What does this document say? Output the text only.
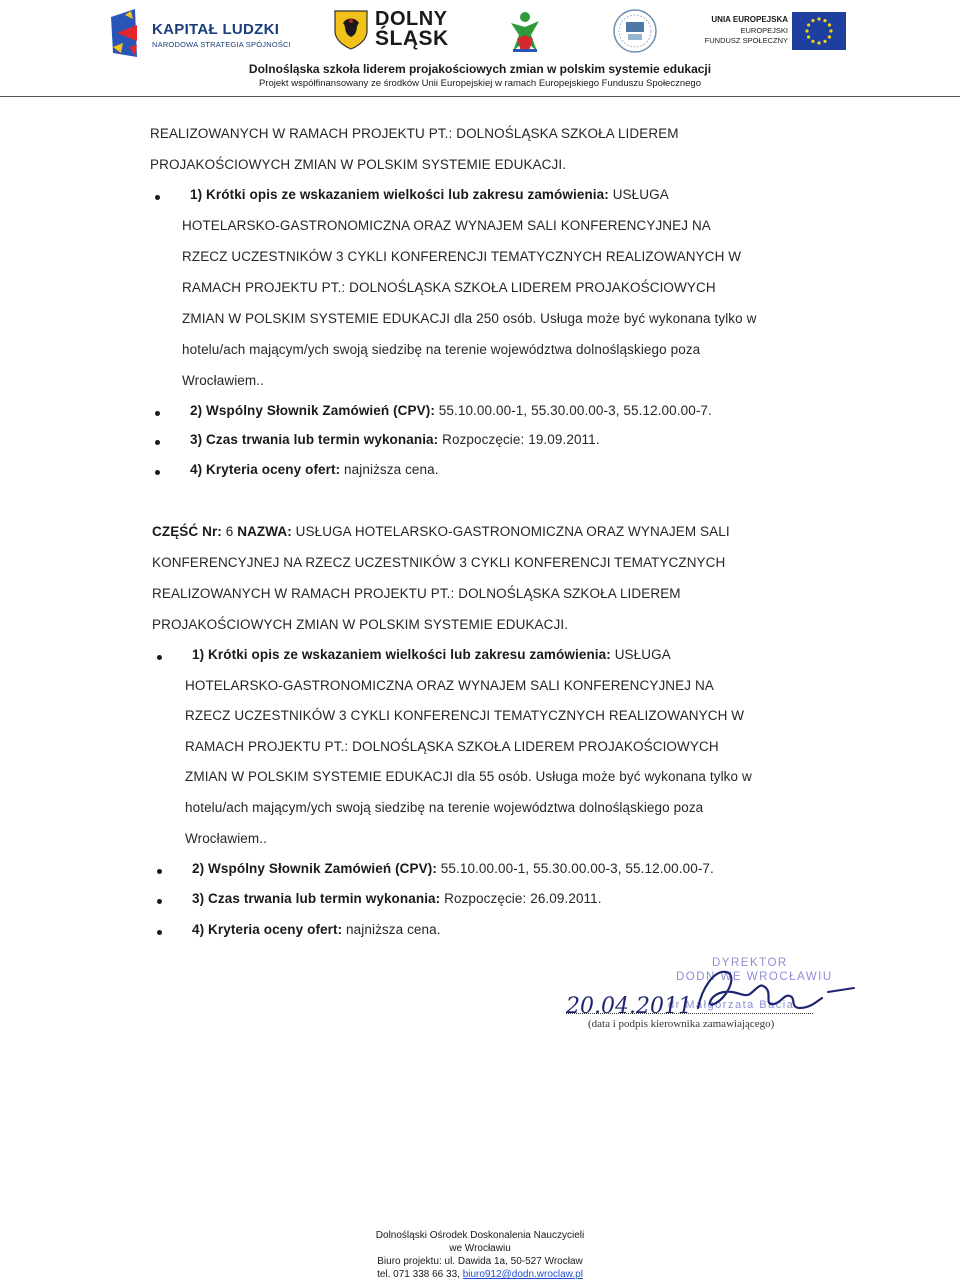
KAPITAŁ LUDZKI
NARODOWA STRATEGIA SPÓJNOŚCI
DOLNY
ŚLĄSK
UNIA EUROPEJSKA
EUROPEJSKI
FUNDUSZ SPOŁECZNY
Dolnośląska szkoła liderem projakościowych zmian w polskim systemie edukacji
Projekt współfinansowany ze środków Unii Europejskiej w ramach Europejskiego Funduszu Społecznego
REALIZOWANYCH W RAMACH PROJEKTU PT.: DOLNOŚLĄSKA SZKOŁA LIDEREM
PROJAKOŚCIOWYCH ZMIAN W POLSKIM SYSTEMIE EDUKACJI.
1) Krótki opis ze wskazaniem wielkości lub zakresu zamówienia: USŁUGA
HOTELARSKO-GASTRONOMICZNA ORAZ WYNAJEM SALI KONFERENCYJNEJ NA
RZECZ UCZESTNIKÓW 3 CYKLI KONFERENCJI TEMATYCZNYCH REALIZOWANYCH W
RAMACH PROJEKTU PT.: DOLNOŚLĄSKA SZKOŁA LIDEREM PROJAKOŚCIOWYCH
ZMIAN W POLSKIM SYSTEMIE EDUKACJI dla 250 osób. Usługa może być wykonana tylko w
hotelu/ach mającym/ych swoją siedzibę na terenie województwa dolnośląskiego poza
Wrocławiem..
2) Wspólny Słownik Zamówień (CPV): 55.10.00.00-1, 55.30.00.00-3, 55.12.00.00-7.
3) Czas trwania lub termin wykonania: Rozpoczęcie: 19.09.2011.
4) Kryteria oceny ofert: najniższa cena.
CZĘŚĆ Nr: 6 NAZWA: USŁUGA HOTELARSKO-GASTRONOMICZNA ORAZ WYNAJEM SALI
KONFERENCYJNEJ NA RZECZ UCZESTNIKÓW 3 CYKLI KONFERENCJI TEMATYCZNYCH
REALIZOWANYCH W RAMACH PROJEKTU PT.: DOLNOŚLĄSKA SZKOŁA LIDEREM
PROJAKOŚCIOWYCH ZMIAN W POLSKIM SYSTEMIE EDUKACJI.
1) Krótki opis ze wskazaniem wielkości lub zakresu zamówienia: USŁUGA
HOTELARSKO-GASTRONOMICZNA ORAZ WYNAJEM SALI KONFERENCYJNEJ NA
RZECZ UCZESTNIKÓW 3 CYKLI KONFERENCJI TEMATYCZNYCH REALIZOWANYCH W
RAMACH PROJEKTU PT.: DOLNOŚLĄSKA SZKOŁA LIDEREM PROJAKOŚCIOWYCH
ZMIAN W POLSKIM SYSTEMIE EDUKACJI dla 55 osób. Usługa może być wykonana tylko w
hotelu/ach mającym/ych swoją siedzibę na terenie województwa dolnośląskiego poza
Wrocławiem..
2) Wspólny Słownik Zamówień (CPV): 55.10.00.00-1, 55.30.00.00-3, 55.12.00.00-7.
3) Czas trwania lub termin wykonania: Rozpoczęcie: 26.09.2011.
4) Kryteria oceny ofert: najniższa cena.
DYREKTOR
DODN WE WROCŁAWIU
dr Małgorzata Bacia
20.04.2011
(data i podpis kierownika zamawiającego)
Dolnośląski Ośrodek Doskonalenia Nauczycieli
we Wrocławiu
Biuro projektu: ul. Dawida 1a, 50-527 Wrocław
tel. 071 338 66 33, biuro912@dodn.wroclaw.pl
